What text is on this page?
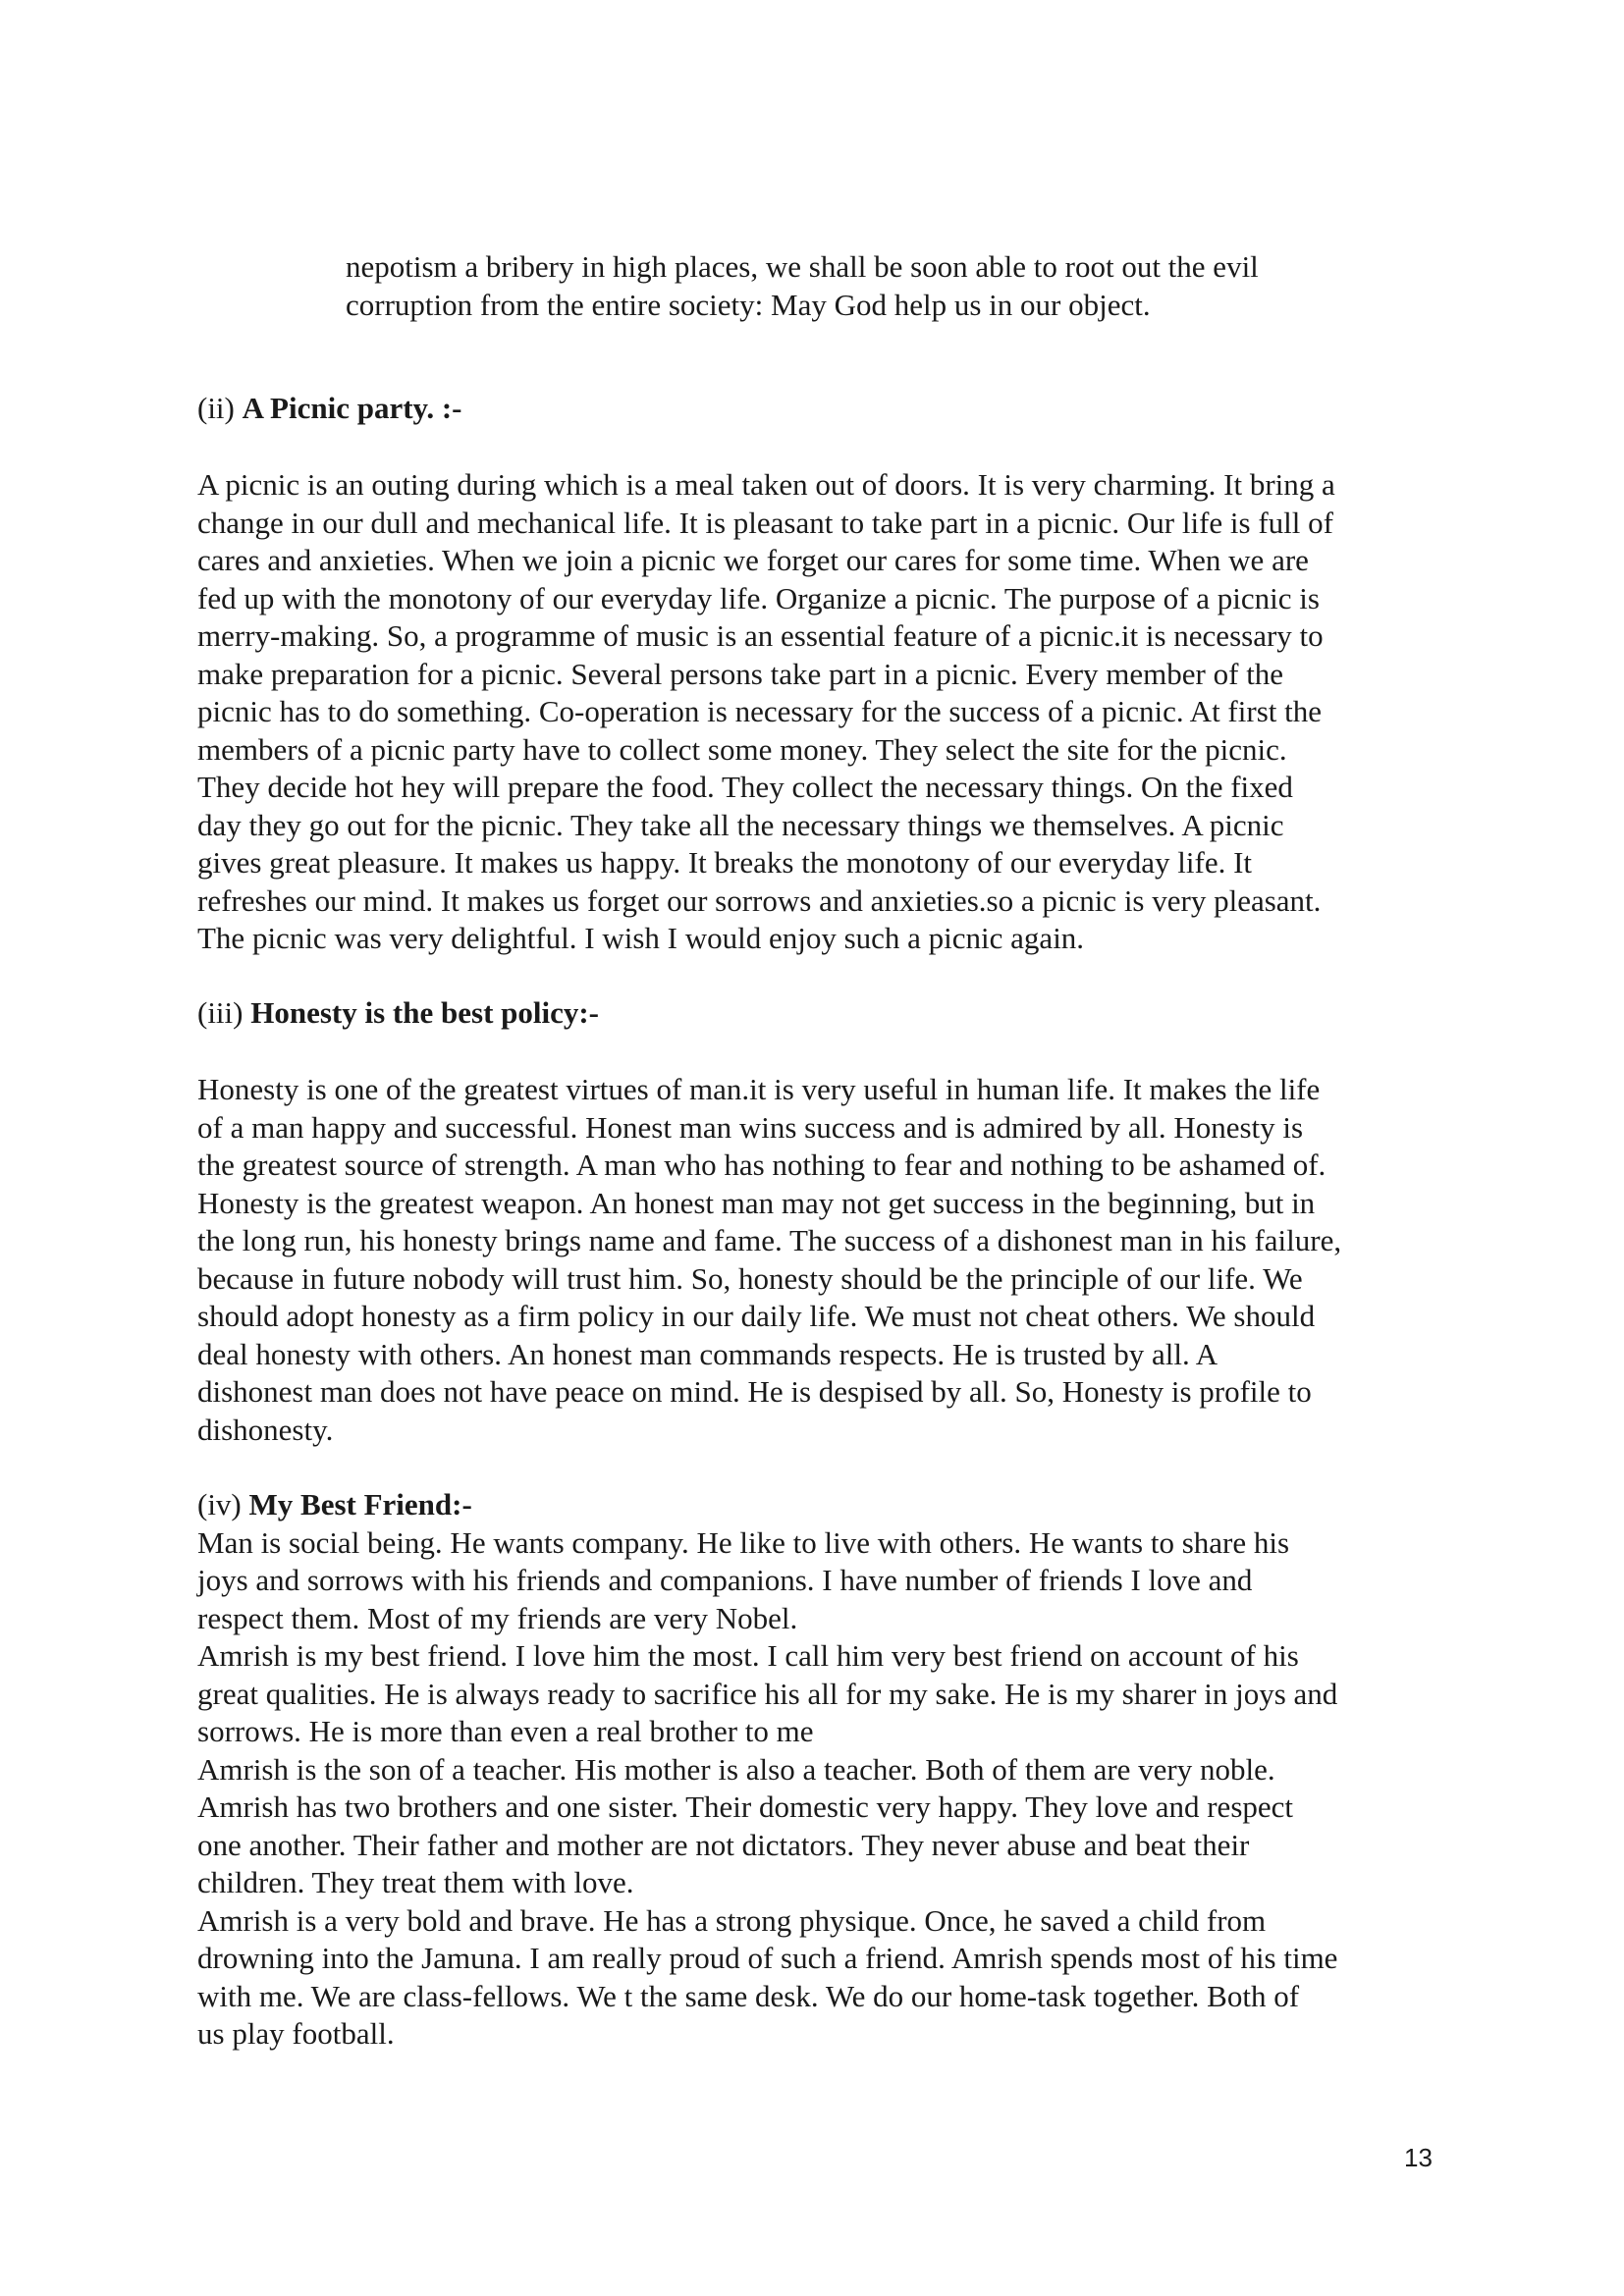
nepotism a bribery in high places, we shall be soon able to root out the evil
corruption from the entire society: May God help us in our object.
(ii) A Picnic party. :-
A picnic is an outing during which is a meal taken out of doors. It is very charming. It bring a
change in our dull and mechanical life. It is pleasant to take part in a picnic. Our life is full of
cares and anxieties. When we join a picnic we forget our cares for some time. When we are
fed up with the monotony of our everyday life. Organize a picnic. The purpose of a picnic is
merry-making. So, a programme of music is an essential feature of a picnic.it is necessary to
make preparation for a picnic. Several persons take part in a picnic. Every member of the
picnic has to do something. Co-operation is necessary for the success of a picnic. At first the
members of a picnic party have to collect some money. They select the site for the picnic.
They decide hot hey will prepare the food. They collect the necessary things. On the fixed
day they go out for the picnic. They take all the necessary things we themselves. A picnic
gives great pleasure. It makes us happy. It breaks the monotony of our everyday life. It
refreshes our mind. It makes us forget our sorrows and anxieties.so a picnic is very pleasant.
The picnic was very delightful. I wish I would enjoy such a picnic again.
(iii) Honesty is the best policy:-
Honesty is one of the greatest virtues of man.it is very useful in human life. It makes the life
of a man happy and successful. Honest man wins success and is admired by all. Honesty is
the greatest source of strength. A man who has nothing to fear and nothing to be ashamed of.
Honesty is the greatest weapon. An honest man may not get success in the beginning, but in
the long run, his honesty brings name and fame. The success of a dishonest man in his failure,
because in future nobody will trust him. So, honesty should be the principle of our life. We
should adopt honesty as a firm policy in our daily life. We must not cheat others. We should
deal honesty with others. An honest man commands respects. He is trusted by all. A
dishonest man does not have peace on mind. He is despised by all. So, Honesty is profile to
dishonesty.
(iv) My Best Friend:-
Man is social being. He wants company. He like to live with others. He wants to share his
joys and sorrows with his friends and companions. I have number of friends I love and
respect them. Most of my friends are very Nobel.
Amrish is my best friend. I love him the most. I call him very best friend on account of his
great qualities. He is always ready to sacrifice his all for my sake. He is my sharer in joys and
sorrows. He is more than even a real brother to me
Amrish is the son of a teacher. His mother is also a teacher. Both of them are very noble.
Amrish has two brothers and one sister. Their domestic very happy. They love and respect
one another. Their father and mother are not dictators. They never abuse and beat their
children. They treat them with love.
Amrish is a very bold and brave. He has a strong physique. Once, he saved a child from
drowning into the Jamuna. I am really proud of such a friend. Amrish spends most of his time
with me. We are class-fellows. We t the same desk. We do our home-task together. Both of
us play football.
13
